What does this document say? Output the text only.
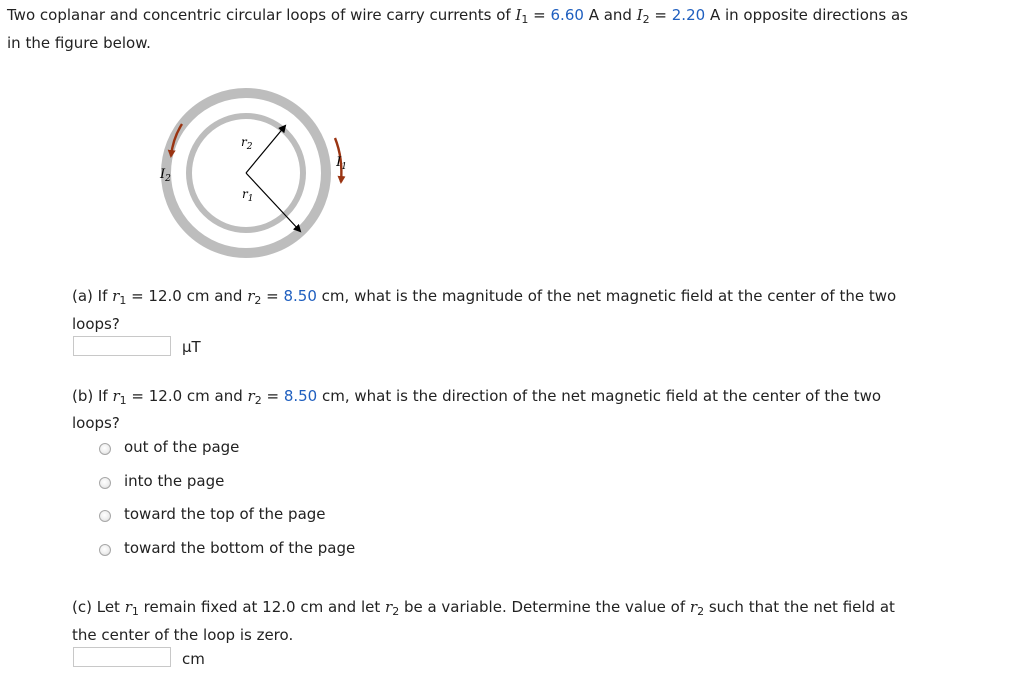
Two coplanar and concentric circular loops of wire carry currents of $I_1 = 6.60$ A and $I_2 = 2.20$ A in opposite directions as
in the figure below.
$r_2$
$r_1$
$I_2$
$I_1$
(a) If $r_1 = 12.0$ cm and $r_2 = 8.50$ cm, what is the magnitude of the net magnetic field at the center of the two
loops?
μT
(b) If $r_1 = 12.0$ cm and $r_2 = 8.50$ cm, what is the direction of the net magnetic field at the center of the two
loops?
out of the page
into the page
toward the top of the page
toward the bottom of the page
(c) Let $r_1$ remain fixed at 12.0 cm and let $r_2$ be a variable. Determine the value of $r_2$ such that the net field at
the center of the loop is zero.
cm
